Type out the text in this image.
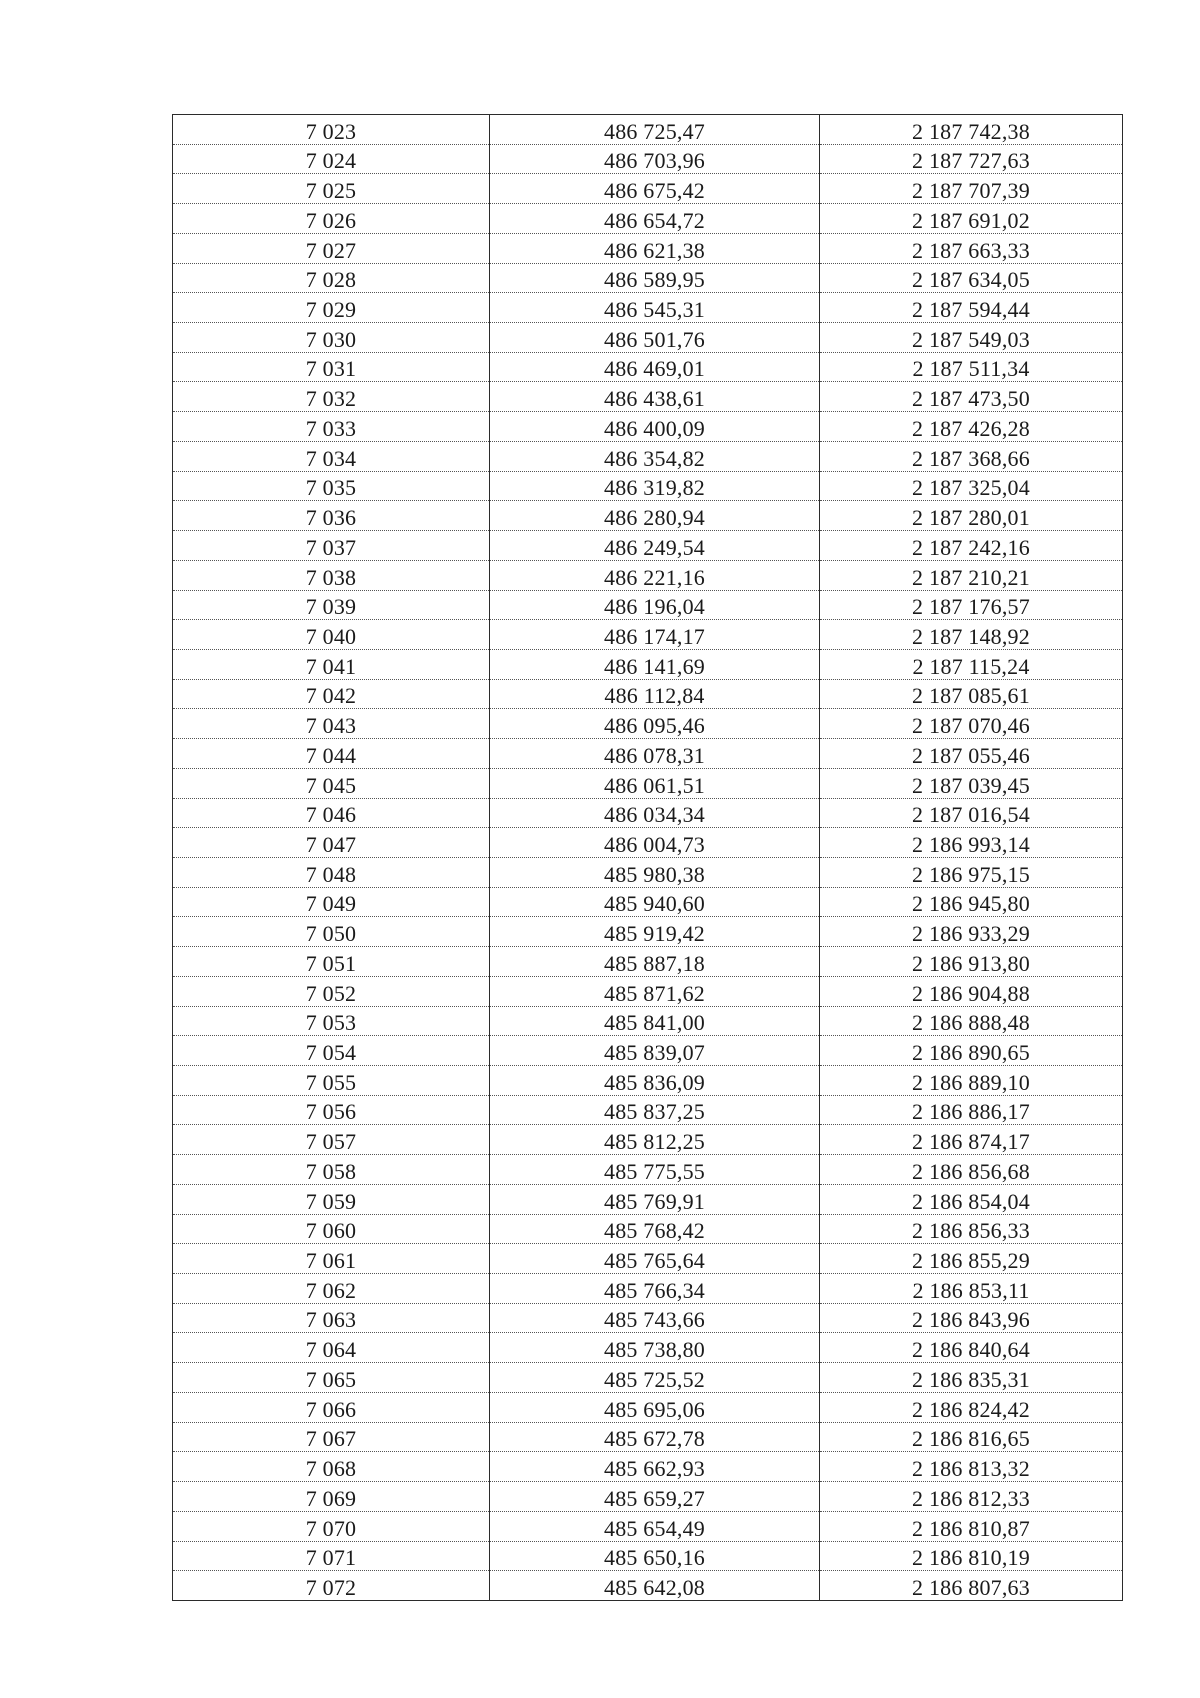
7 023	486 725,47	2 187 742,38
7 024	486 703,96	2 187 727,63
7 025	486 675,42	2 187 707,39
7 026	486 654,72	2 187 691,02
7 027	486 621,38	2 187 663,33
7 028	486 589,95	2 187 634,05
7 029	486 545,31	2 187 594,44
7 030	486 501,76	2 187 549,03
7 031	486 469,01	2 187 511,34
7 032	486 438,61	2 187 473,50
7 033	486 400,09	2 187 426,28
7 034	486 354,82	2 187 368,66
7 035	486 319,82	2 187 325,04
7 036	486 280,94	2 187 280,01
7 037	486 249,54	2 187 242,16
7 038	486 221,16	2 187 210,21
7 039	486 196,04	2 187 176,57
7 040	486 174,17	2 187 148,92
7 041	486 141,69	2 187 115,24
7 042	486 112,84	2 187 085,61
7 043	486 095,46	2 187 070,46
7 044	486 078,31	2 187 055,46
7 045	486 061,51	2 187 039,45
7 046	486 034,34	2 187 016,54
7 047	486 004,73	2 186 993,14
7 048	485 980,38	2 186 975,15
7 049	485 940,60	2 186 945,80
7 050	485 919,42	2 186 933,29
7 051	485 887,18	2 186 913,80
7 052	485 871,62	2 186 904,88
7 053	485 841,00	2 186 888,48
7 054	485 839,07	2 186 890,65
7 055	485 836,09	2 186 889,10
7 056	485 837,25	2 186 886,17
7 057	485 812,25	2 186 874,17
7 058	485 775,55	2 186 856,68
7 059	485 769,91	2 186 854,04
7 060	485 768,42	2 186 856,33
7 061	485 765,64	2 186 855,29
7 062	485 766,34	2 186 853,11
7 063	485 743,66	2 186 843,96
7 064	485 738,80	2 186 840,64
7 065	485 725,52	2 186 835,31
7 066	485 695,06	2 186 824,42
7 067	485 672,78	2 186 816,65
7 068	485 662,93	2 186 813,32
7 069	485 659,27	2 186 812,33
7 070	485 654,49	2 186 810,87
7 071	485 650,16	2 186 810,19
7 072	485 642,08	2 186 807,63
